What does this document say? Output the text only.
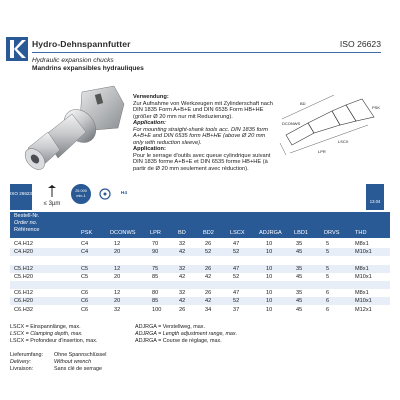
Hydro-Dehnspannfutter	ISO 26623
Hydraulic expansion chucks
Mandrins expansibles hydrauliques
Verwendung:
Zur Aufnahme von Werkzeugen mit Zylinderschaft nach DIN 1835 Form A+B+E und DIN 6535 Form HB+HE (größer Ø 20 mm nur mit Reduzierung).
Application:
For mounting straight-shank tools acc. DIN 1835 form A+B+E and DIN 6535 form HB+HE (above Ø 20 mm only with reduction sleeve).
Application:
Pour le serrage d'outils avec queue cylindrique suivant DIN 1835 forme A+B+E et DIN 6535 forme HB+HE (à partir de Ø 20 mm seulement avec réduction).
BD
DCONWS
PSK
LPR
LSCX
ISO 26623
≤ 3µm
25.000 min-1	H4
13.04
Bestell-Nr.
Order no.
Référence	PSK	DCONWS	LPR	BD	BD2	LSCX	ADJRGA LBD1	DRVS	THD
C4.H12	C4	12	70	32	26	47	10	35	5	M8x1
C4.H20	C4	20	90	42	52	52	10	45	5	M10x1
C5.H12	C5	12	75	32	26	47	10	35	5	M8x1
C5.H20	C5	20	85	42	42	52	10	45	5	M10x1
C6.H12	C6	12	80	32	26	47	10	35	6	M8x1
C6.H20	C6	20	85	42	42	52	10	45	6	M10x1
C6.H32	C6	32	100	26	34	37	10	45	6	M12x1
LSCX = Einspannlänge, max.
LSCX = Clamping depth, max.
LSCX = Profondeur d'insertion, max.
ADJRGA = Verstellweg, max.
ADJRGA = Length adjustment range, max.
ADJRGA = Course de réglage, max.
Lieferumfang: Ohne Spannschlüssel
Delivery:	Without wrench
Livraison:	Sans clé de serrage
